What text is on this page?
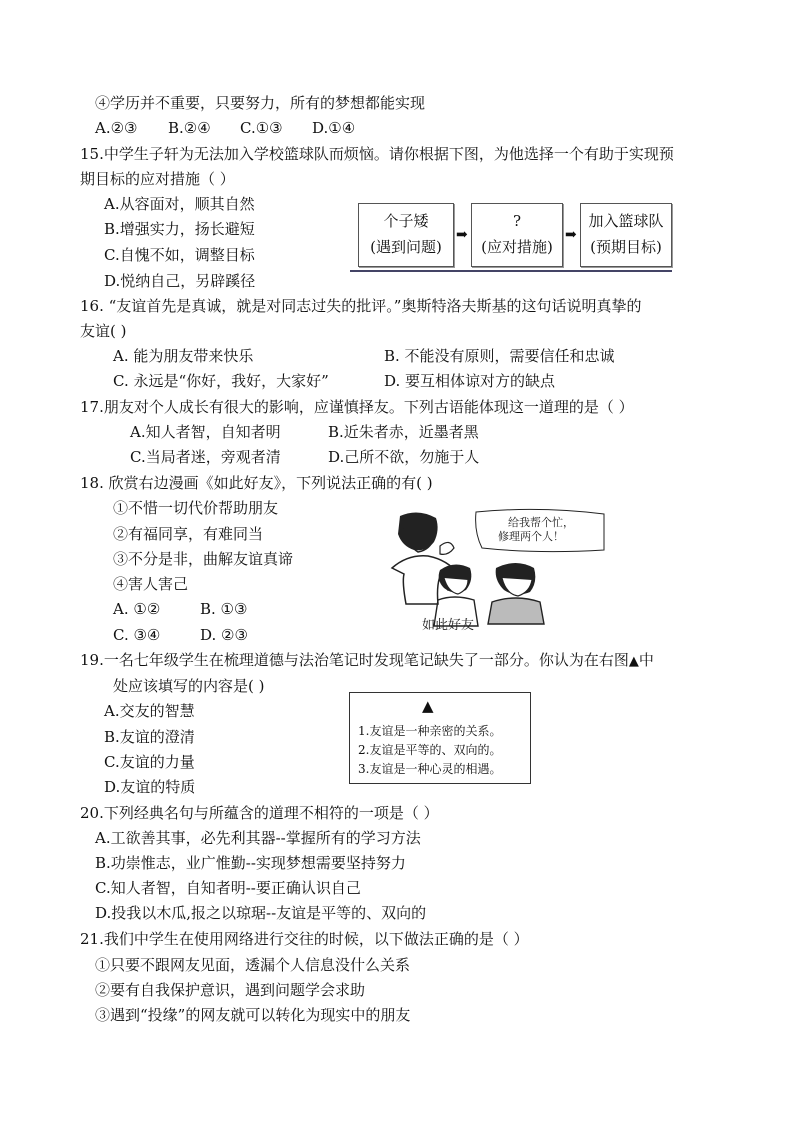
④学历并不重要，只要努力，所有的梦想都能实现
A.②③ B.②④ C.①③ D.①④
15.中学生子轩为无法加入学校篮球队而烦恼。请你根据下图，为他选择一个有助于实现预
期目标的应对措施（ ）
A.从容面对，顺其自然
B.增强实力，扬长避短
C.自愧不如，调整目标
D.悦纳自己，另辟蹊径
个子矮
(遇到问题)
➡
?
(应对措施)
➡
加入篮球队
(预期目标)
16. “友谊首先是真诚，就是对同志过失的批评。”奥斯特洛夫斯基的这句话说明真挚的
友谊( )
A. 能为朋友带来快乐	B. 不能没有原则，需要信任和忠诚
C. 永远是“你好，我好，大家好”	D. 要互相体谅对方的缺点
17.朋友对个人成长有很大的影响，应谨慎择友。下列古语能体现这一道理的是（ ）
A.知人者智，自知者明	B.近朱者赤，近墨者黑
C.当局者迷，旁观者清	D.己所不欲，勿施于人
18. 欣赏右边漫画《如此好友》，下列说法正确的有( )
①不惜一切代价帮助朋友
②有福同享，有难同当
③不分是非，曲解友谊真谛
④害人害己
A. ①②	B. ①③
C. ③④	D. ②③
给我帮个忙，
修理两个人！
如此好友
19.一名七年级学生在梳理道德与法治笔记时发现笔记缺失了一部分。你认为在右图▲中
处应该填写的内容是( )
A.交友的智慧
B.友谊的澄清
C.友谊的力量
D.友谊的特质
▲
1.友谊是一种亲密的关系。
2.友谊是平等的、双向的。
3.友谊是一种心灵的相遇。
20.下列经典名句与所蕴含的道理不相符的一项是（ ）
A.工欲善其事，必先利其器--掌握所有的学习方法
B.功崇惟志，业广惟勤--实现梦想需要坚持努力
C.知人者智，自知者明--要正确认识自己
D.投我以木瓜,报之以琼琚--友谊是平等的、双向的
21.我们中学生在使用网络进行交往的时候，以下做法正确的是（ ）
①只要不跟网友见面，透漏个人信息没什么关系
②要有自我保护意识，遇到问题学会求助
③遇到“投缘”的网友就可以转化为现实中的朋友
